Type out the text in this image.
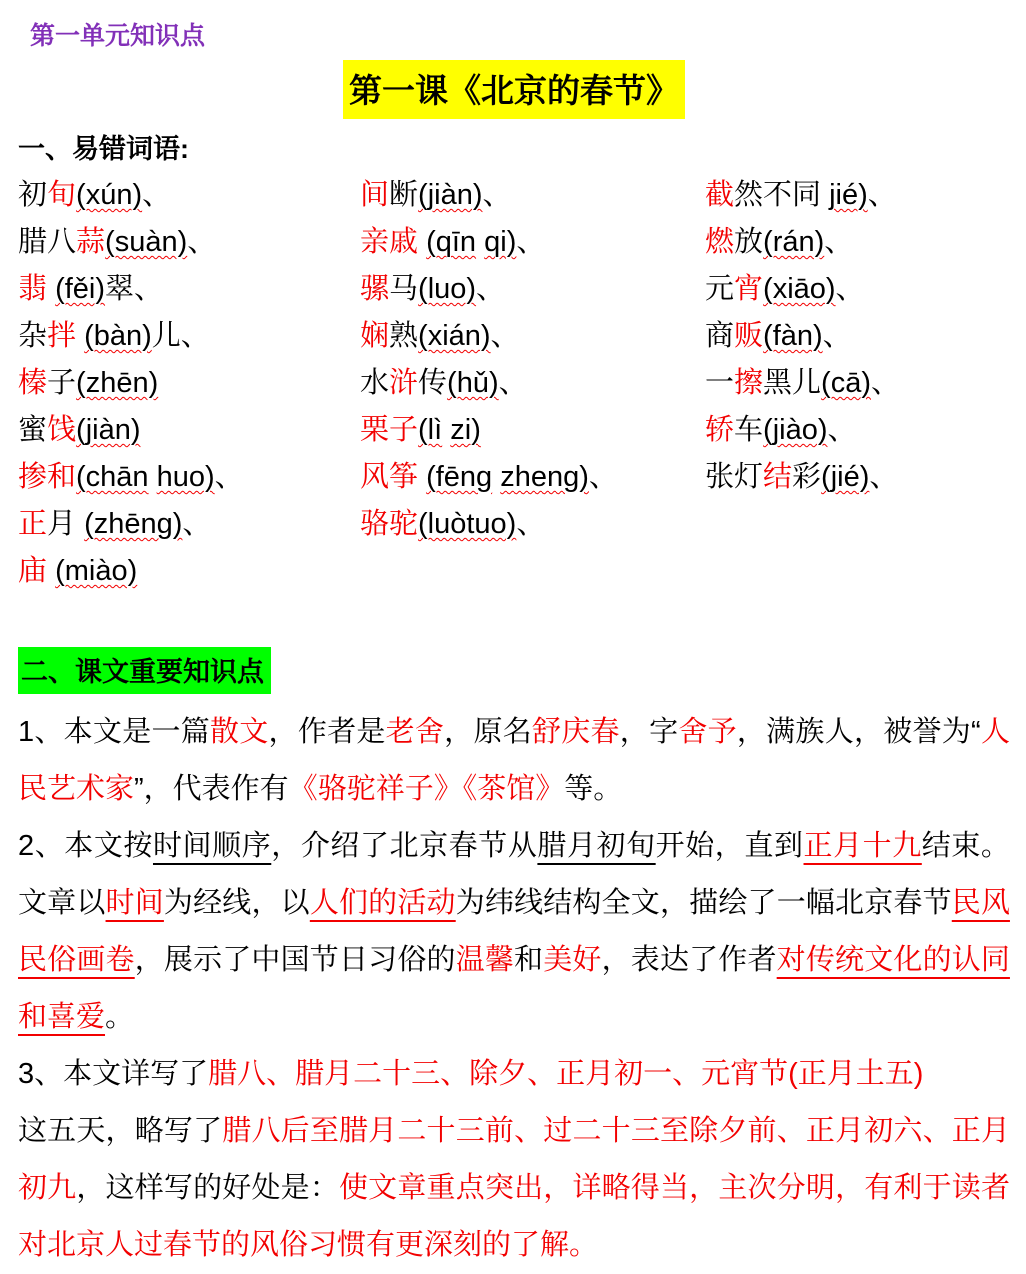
第一单元知识点
第一课《北京的春节》
一、易错词语:
初旬(xún)、
腊八蒜(suàn)、
翡 (fěi)翠、
杂拌 (bàn)儿、
榛子(zhēn)
蜜饯(jiàn)
掺和(chān huo)、
正月 (zhēng)、
庙 (miào)
间断(jiàn)、
亲戚 (qīn qi)、
骡马(luo)、
娴熟(xián)、
水浒传(hǔ)、
栗子(lì zi)
风筝 (fēng zheng)、
骆驼(luòtuo)、
截然不同 jié)、
燃放(rán)、
元宵(xiāo)、
商贩(fàn)、
一擦黑儿(cā)、
轿车(jiào)、
张灯结彩(jié)、
二、课文重要知识点

1、本文是一篇散文，作者是老舍，原名舒庆春，字舍予，满族人，被誉为“人民艺术家”，代表作有《骆驼祥子》《茶馆》等。

2、本文按时间顺序，介绍了北京春节从腊月初旬开始，直到正月十九结束。文章以时间为经线，以人们的活动为纬线结构全文，描绘了一幅北京春节民风民俗画卷，展示了中国节日习俗的温馨和美好，表达了作者对传统文化的认同和喜爱。

3、本文详写了腊八、腊月二十三、除夕、正月初一、元宵节(正月土五)
这五天，略写了腊八后至腊月二十三前、过二十三至除夕前、正月初六、正月初九，这样写的好处是：使文章重点突出，详略得当，主次分明，有利于读者对北京人过春节的风俗习惯有更深刻的了解。
